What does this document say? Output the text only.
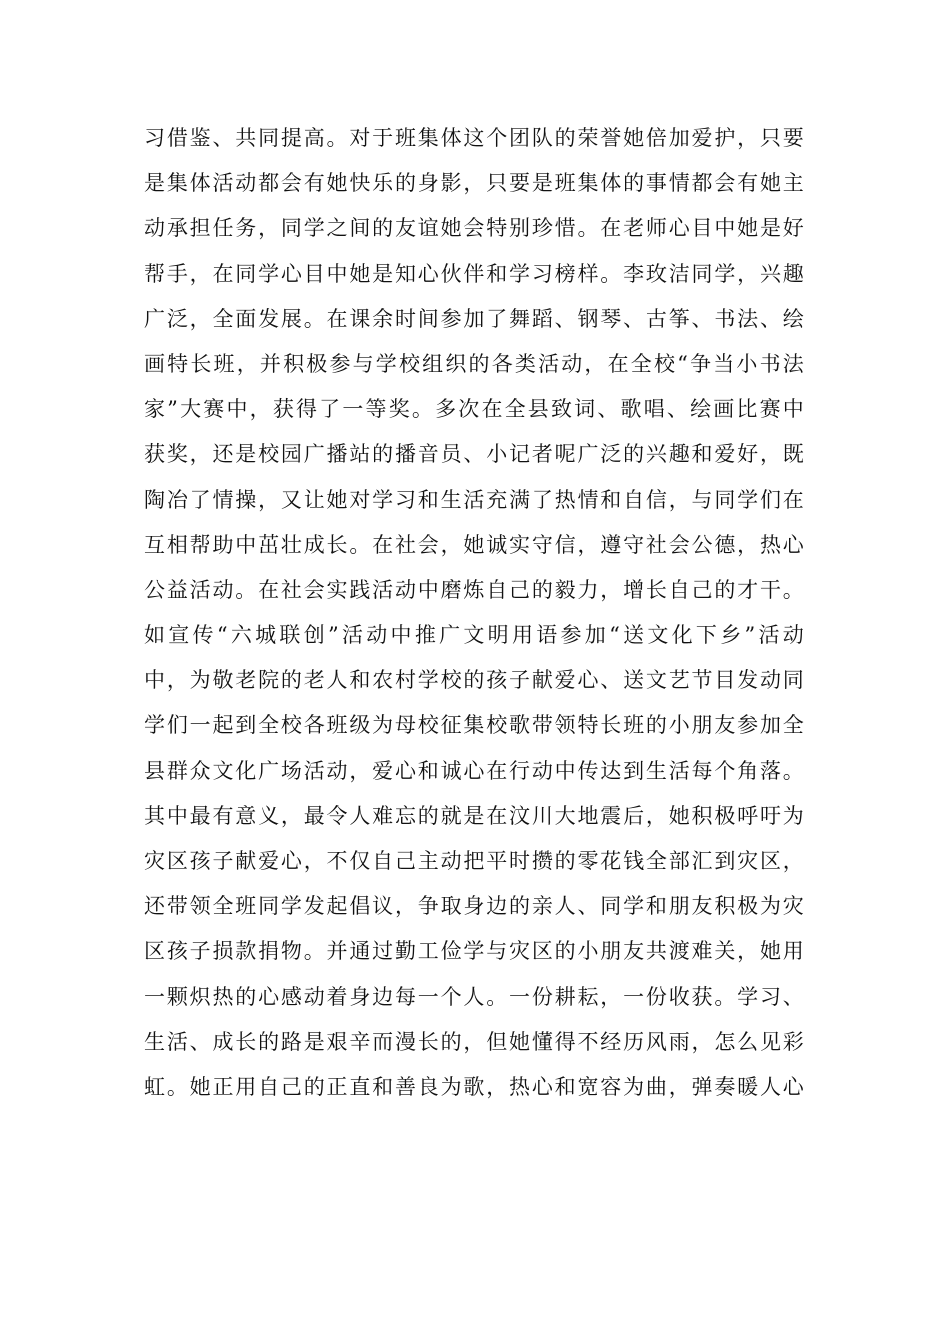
习借鉴、共同提高。对于班集体这个团队的荣誉她倍加爱护，只要
是集体活动都会有她快乐的身影，只要是班集体的事情都会有她主
动承担任务，同学之间的友谊她会特别珍惜。在老师心目中她是好
帮手，在同学心目中她是知心伙伴和学习榜样。李玫洁同学，兴趣
广泛，全面发展。在课余时间参加了舞蹈、钢琴、古筝、书法、绘
画特长班，并积极参与学校组织的各类活动，在全校“争当小书法
家”大赛中，获得了一等奖。多次在全县致词、歌唱、绘画比赛中
获奖，还是校园广播站的播音员、小记者呢广泛的兴趣和爱好，既
陶冶了情操，又让她对学习和生活充满了热情和自信，与同学们在
互相帮助中茁壮成长。在社会，她诚实守信，遵守社会公德，热心
公益活动。在社会实践活动中磨炼自己的毅力，增长自己的才干。
如宣传“六城联创”活动中推广文明用语参加“送文化下乡”活动
中，为敬老院的老人和农村学校的孩子献爱心、送文艺节目发动同
学们一起到全校各班级为母校征集校歌带领特长班的小朋友参加全
县群众文化广场活动，爱心和诚心在行动中传达到生活每个角落。
其中最有意义，最令人难忘的就是在汶川大地震后，她积极呼吁为
灾区孩子献爱心，不仅自己主动把平时攒的零花钱全部汇到灾区，
还带领全班同学发起倡议，争取身边的亲人、同学和朋友积极为灾
区孩子损款捐物。并通过勤工俭学与灾区的小朋友共渡难关，她用
一颗炽热的心感动着身边每一个人。一份耕耘，一份收获。学习、
生活、成长的路是艰辛而漫长的，但她懂得不经历风雨，怎么见彩
虹。她正用自己的正直和善良为歌，热心和宽容为曲，弹奏暖人心
